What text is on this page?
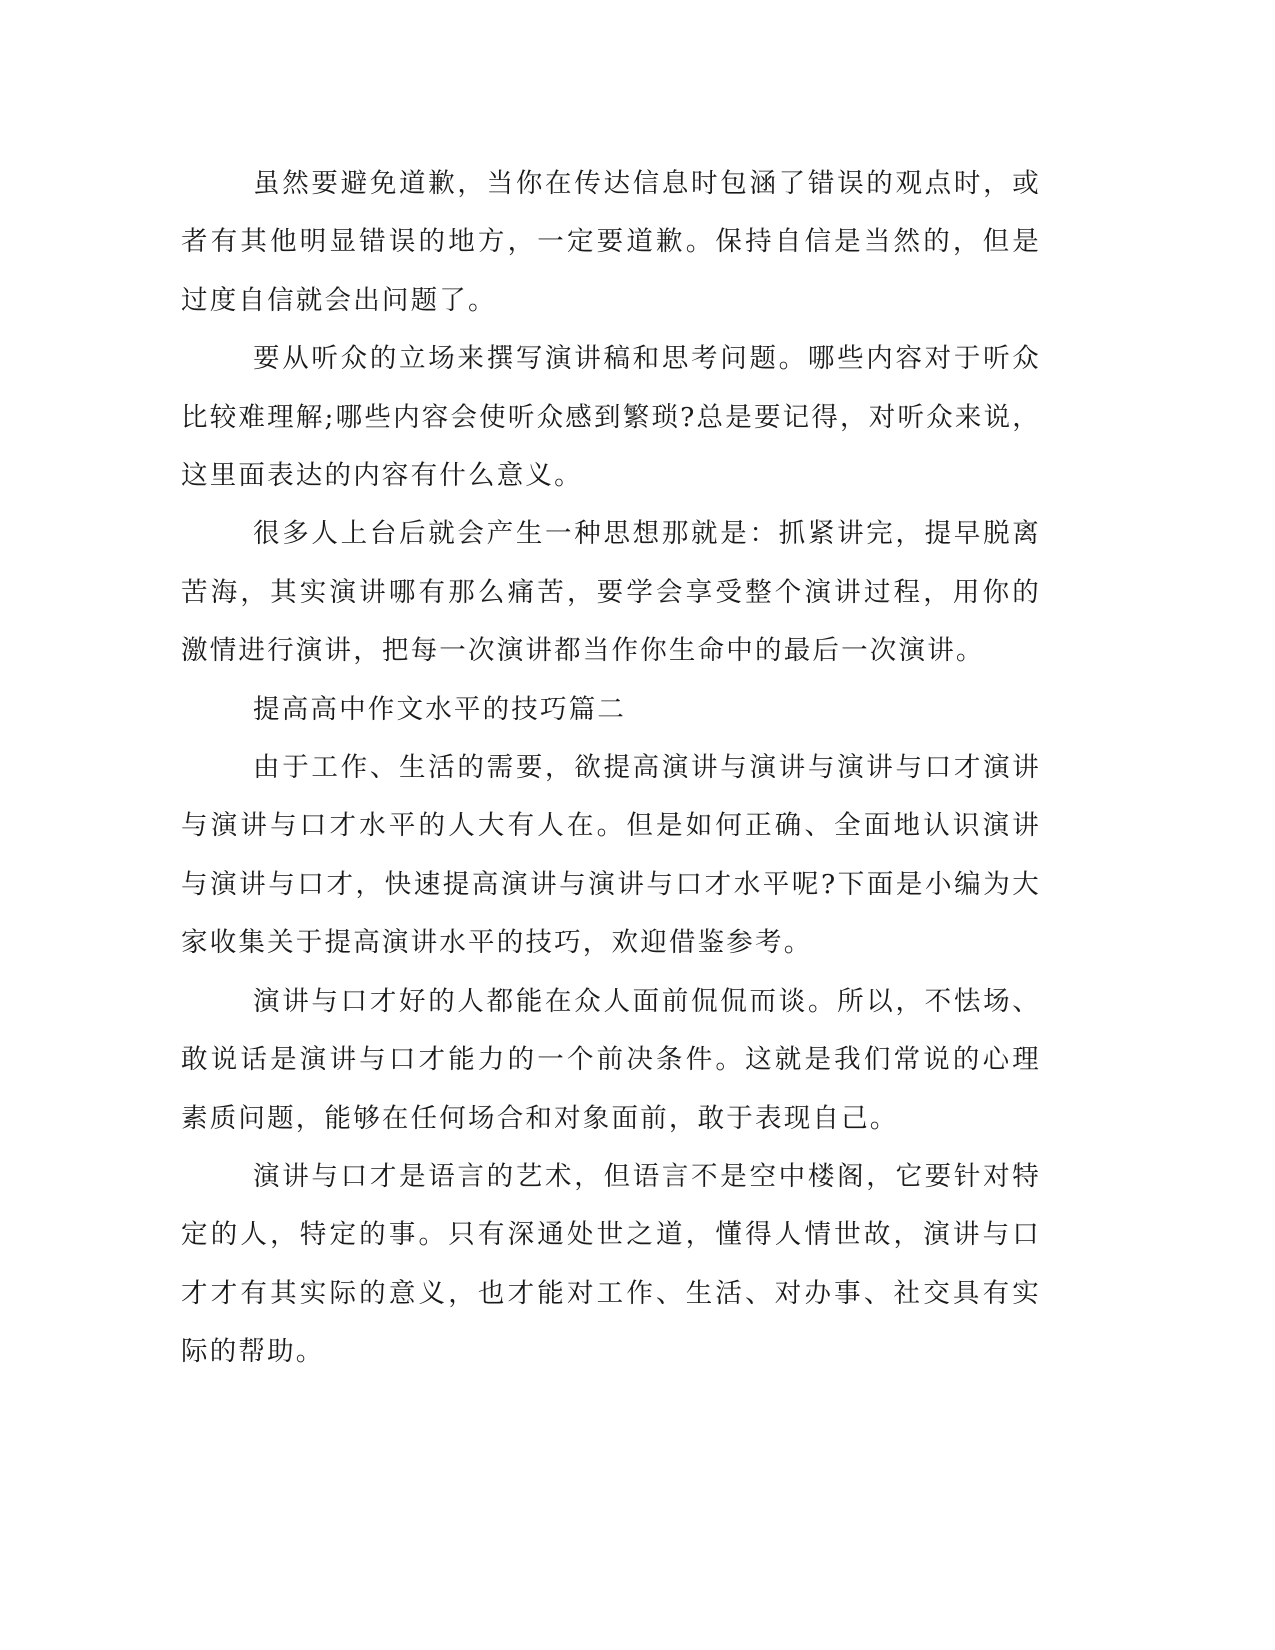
虽然要避免道歉，当你在传达信息时包涵了错误的观点时，或者有其他明显错误的地方，一定要道歉。保持自信是当然的，但是过度自信就会出问题了。

要从听众的立场来撰写演讲稿和思考问题。哪些内容对于听众比较难理解;哪些内容会使听众感到繁琐?总是要记得，对听众来说，这里面表达的内容有什么意义。

很多人上台后就会产生一种思想那就是：抓紧讲完，提早脱离苦海，其实演讲哪有那么痛苦，要学会享受整个演讲过程，用你的激情进行演讲，把每一次演讲都当作你生命中的最后一次演讲。

提高高中作文水平的技巧篇二

由于工作、生活的需要，欲提高演讲与演讲与演讲与口才演讲与演讲与口才水平的人大有人在。但是如何正确、全面地认识演讲与演讲与口才，快速提高演讲与演讲与口才水平呢?下面是小编为大家收集关于提高演讲水平的技巧，欢迎借鉴参考。

演讲与口才好的人都能在众人面前侃侃而谈。所以，不怯场、敢说话是演讲与口才能力的一个前决条件。这就是我们常说的心理素质问题，能够在任何场合和对象面前，敢于表现自己。

演讲与口才是语言的艺术，但语言不是空中楼阁，它要针对特定的人，特定的事。只有深通处世之道，懂得人情世故，演讲与口才才有其实际的意义，也才能对工作、生活、对办事、社交具有实际的帮助。
